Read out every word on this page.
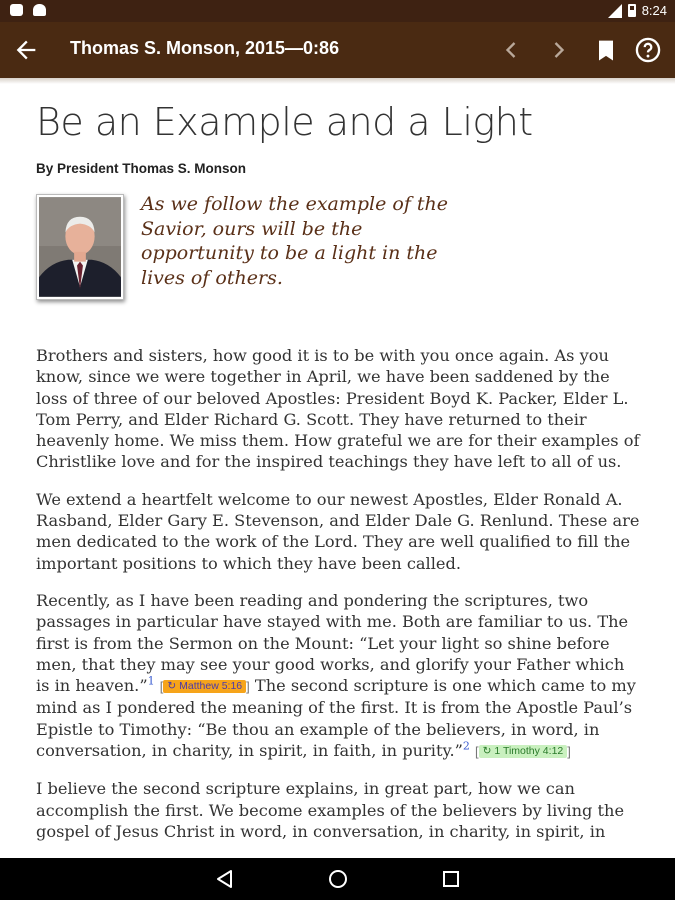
8:24
Thomas S. Monson, 2015—0:86
Be an Example and a Light
By President Thomas S. Monson
As we follow the example of the Savior, ours will be the opportunity to be a light in the lives of others.

Brothers and sisters, how good it is to be with you once again. As you know, since we were together in April, we have been saddened by the loss of three of our beloved Apostles: President Boyd K. Packer, Elder L. Tom Perry, and Elder Richard G. Scott. They have returned to their heavenly home. We miss them. How grateful we are for their examples of Christlike love and for the inspired teachings they have left to all of us.

We extend a heartfelt welcome to our newest Apostles, Elder Ronald A. Rasband, Elder Gary E. Stevenson, and Elder Dale G. Renlund. These are men dedicated to the work of the Lord. They are well qualified to fill the important positions to which they have been called.

Recently, as I have been reading and pondering the scriptures, two passages in particular have stayed with me. Both are familiar to us. The first is from the Sermon on the Mount: “Let your light so shine before men, that they may see your good works, and glorify your Father which is in heaven.”$^1$ [ ↻ Matthew 5:16 ] The second scripture is one which came to my mind as I pondered the meaning of the first. It is from the Apostle Paul’s Epistle to Timothy: “Be thou an example of the believers, in word, in conversation, in charity, in spirit, in faith, in purity.”$^2$ [ ↻ 1 Timothy 4:12 ]

I believe the second scripture explains, in great part, how we can accomplish the first. We become examples of the believers by living the gospel of Jesus Christ in word, in conversation, in charity, in spirit, in
